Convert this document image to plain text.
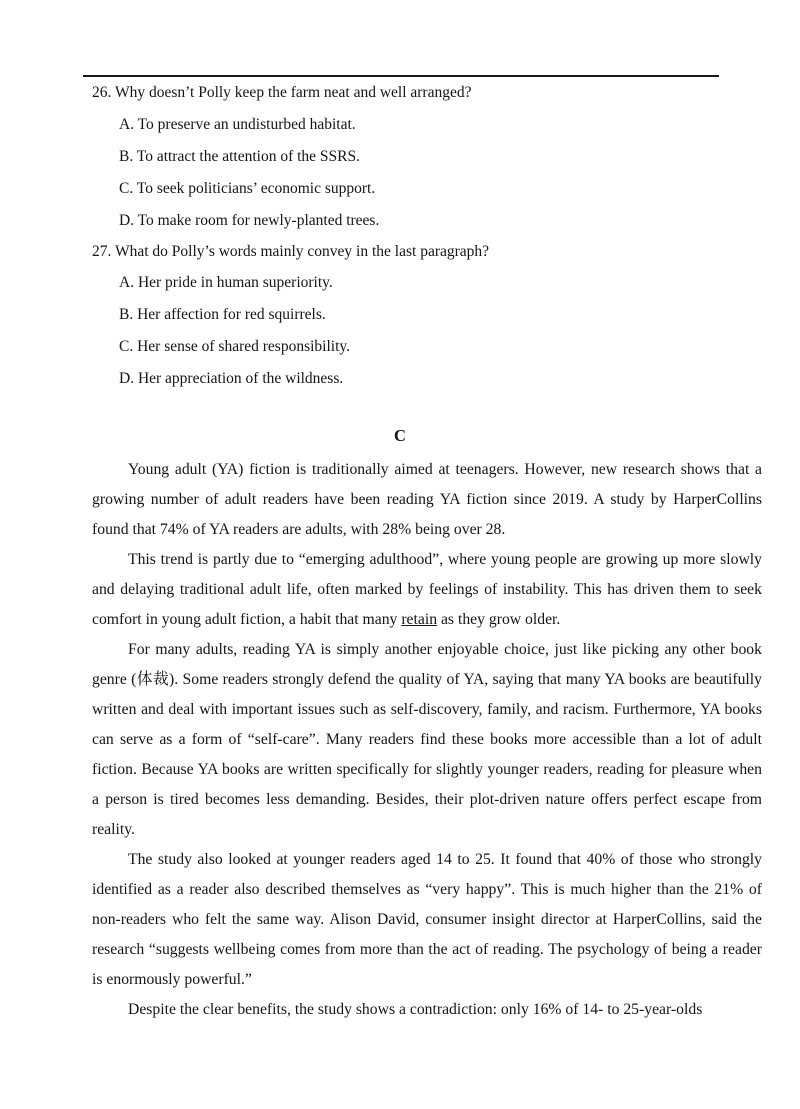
26. Why doesn’t Polly keep the farm neat and well arranged?
A. To preserve an undisturbed habitat.
B. To attract the attention of the SSRS.
C. To seek politicians’ economic support.
D. To make room for newly-planted trees.
27. What do Polly’s words mainly convey in the last paragraph?
A. Her pride in human superiority.
B. Her affection for red squirrels.
C. Her sense of shared responsibility.
D. Her appreciation of the wildness.
C

Young adult (YA) fiction is traditionally aimed at teenagers. However, new research shows that a growing number of adult readers have been reading YA fiction since 2019. A study by HarperCollins found that 74% of YA readers are adults, with 28% being over 28.

This trend is partly due to “emerging adulthood”, where young people are growing up more slowly and delaying traditional adult life, often marked by feelings of instability. This has driven them to seek comfort in young adult fiction, a habit that many retain as they grow older.

For many adults, reading YA is simply another enjoyable choice, just like picking any other book genre (体裁). Some readers strongly defend the quality of YA, saying that many YA books are beautifully written and deal with important issues such as self-discovery, family, and racism. Furthermore, YA books can serve as a form of “self-care”. Many readers find these books more accessible than a lot of adult fiction. Because YA books are written specifically for slightly younger readers, reading for pleasure when a person is tired becomes less demanding. Besides, their plot-driven nature offers perfect escape from reality.

The study also looked at younger readers aged 14 to 25. It found that 40% of those who strongly identified as a reader also described themselves as “very happy”. This is much higher than the 21% of non-readers who felt the same way. Alison David, consumer insight director at HarperCollins, said the research “suggests wellbeing comes from more than the act of reading. The psychology of being a reader is enormously powerful.”

Despite the clear benefits, the study shows a contradiction: only 16% of 14- to 25-year-olds
